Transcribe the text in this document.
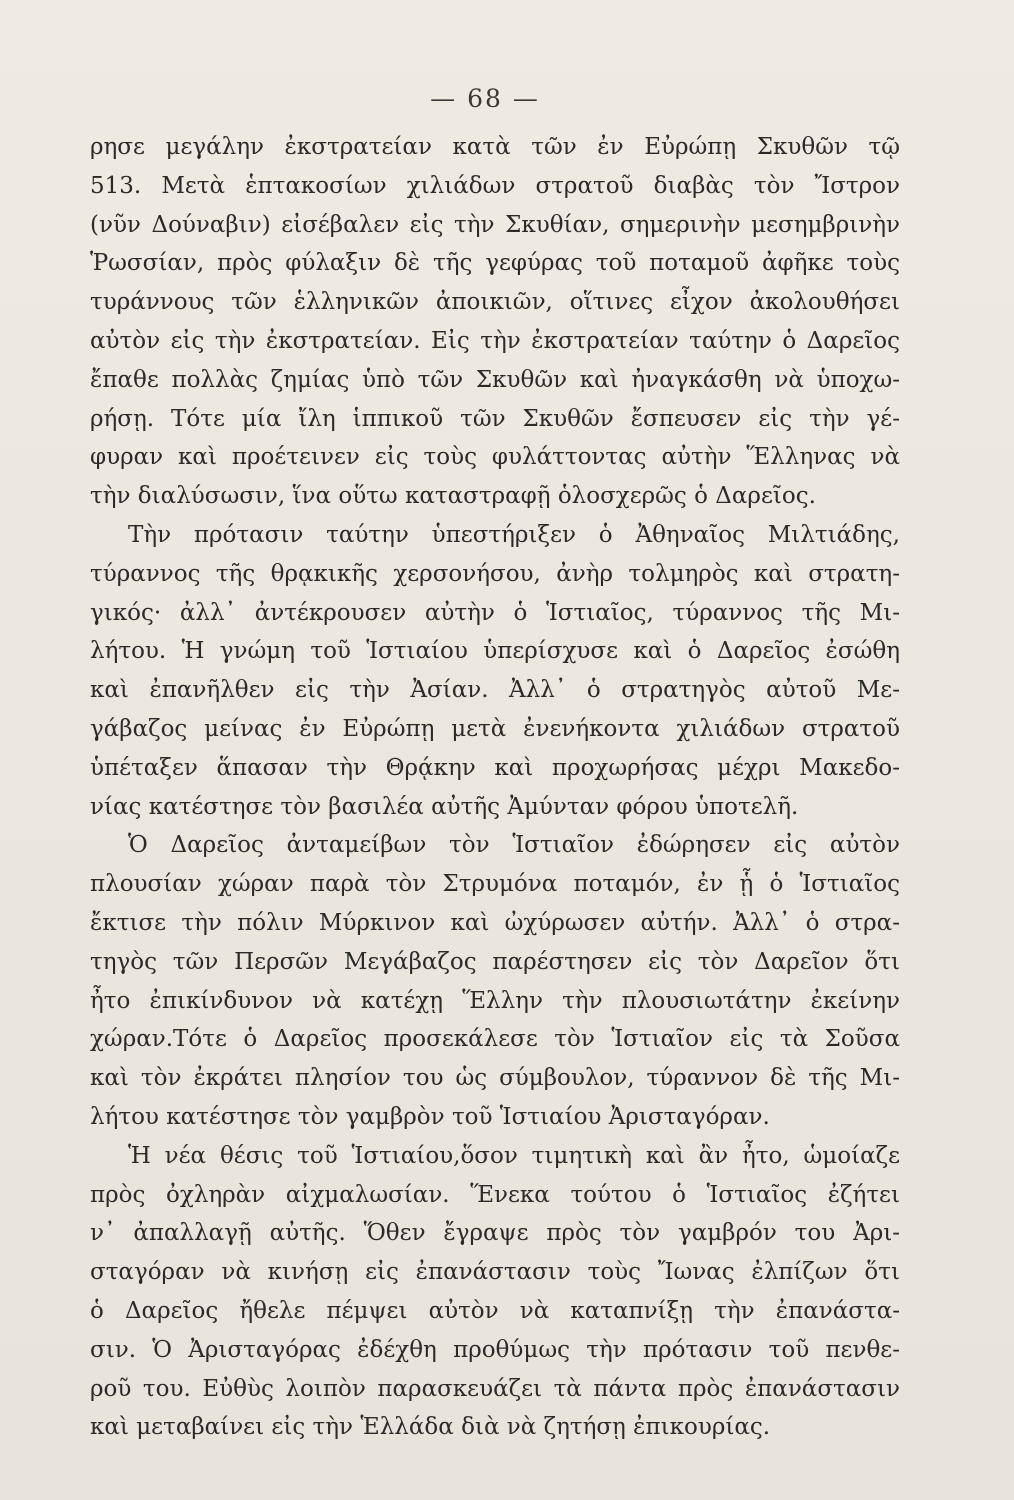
— 68 —
ρησε μεγάλην ἐκστρατείαν κατὰ τῶν ἐν Εὐρώπῃ Σκυθῶν τῷ
513. Μετὰ ἑπτακοσίων χιλιάδων στρατοῦ διαβὰς τὸν Ἴστρον
(νῦν Δούναβιν) εἰσέβαλεν εἰς τὴν Σκυθίαν, σημερινὴν μεσημβρινὴν
Ῥωσσίαν, πρὸς φύλαξιν δὲ τῆς γεφύρας τοῦ ποταμοῦ ἀφῆκε τοὺς
τυράννους τῶν ἑλληνικῶν ἀποικιῶν, οἵτινες εἶχον ἀκολουθήσει
αὐτὸν εἰς τὴν ἐκστρατείαν. Εἰς τὴν ἐκστρατείαν ταύτην ὁ Δαρεῖος
ἔπαθε πολλὰς ζημίας ὑπὸ τῶν Σκυθῶν καὶ ἠναγκάσθη νὰ ὑποχω-
ρήσῃ. Τότε μία ἴλη ἱππικοῦ τῶν Σκυθῶν ἔσπευσεν εἰς τὴν γέ-
φυραν καὶ προέτεινεν εἰς τοὺς φυλάττοντας αὐτὴν Ἕλληνας νὰ
τὴν διαλύσωσιν, ἵνα οὕτω καταστραφῇ ὁλοσχερῶς ὁ Δαρεῖος.
Τὴν πρότασιν ταύτην ὑπεστήριξεν ὁ Ἀθηναῖος Μιλτιάδης,
τύραννος τῆς θρᾳκικῆς χερσονήσου, ἀνὴρ τολμηρὸς καὶ στρατη-
γικός· ἀλλ᾽ ἀντέκρουσεν αὐτὴν ὁ Ἱστιαῖος, τύραννος τῆς Μι-
λήτου. Ἡ γνώμη τοῦ Ἱστιαίου ὑπερίσχυσε καὶ ὁ Δαρεῖος ἐσώθη
καὶ ἐπανῆλθεν εἰς τὴν Ἀσίαν. Ἀλλ᾽ ὁ στρατηγὸς αὐτοῦ Με-
γάβαζος μείνας ἐν Εὐρώπῃ μετὰ ἐνενήκοντα χιλιάδων στρατοῦ
ὑπέταξεν ἅπασαν τὴν Θρᾴκην καὶ προχωρήσας μέχρι Μακεδο-
νίας κατέστησε τὸν βασιλέα αὐτῆς Ἀμύνταν φόρου ὑποτελῆ.
Ὁ Δαρεῖος ἀνταμείβων τὸν Ἱστιαῖον ἐδώρησεν εἰς αὐτὸν
πλουσίαν χώραν παρὰ τὸν Στρυμόνα ποταμόν, ἐν ᾗ ὁ Ἱστιαῖος
ἔκτισε τὴν πόλιν Μύρκινον καὶ ὠχύρωσεν αὐτήν. Ἀλλ᾽ ὁ στρα-
τηγὸς τῶν Περσῶν Μεγάβαζος παρέστησεν εἰς τὸν Δαρεῖον ὅτι
ἦτο ἐπικίνδυνον νὰ κατέχῃ Ἕλλην τὴν πλουσιωτάτην ἐκείνην
χώραν.Τότε ὁ Δαρεῖος προσεκάλεσε τὸν Ἱστιαῖον εἰς τὰ Σοῦσα
καὶ τὸν ἐκράτει πλησίον του ὡς σύμβουλον, τύραννον δὲ τῆς Μι-
λήτου κατέστησε τὸν γαμβρὸν τοῦ Ἱστιαίου Ἀρισταγόραν.
Ἡ νέα θέσις τοῦ Ἱστιαίου,ὅσον τιμητικὴ καὶ ἂν ἦτο, ὡμοίαζε
πρὸς ὀχληρὰν αἰχμαλωσίαν. Ἕνεκα τούτου ὁ Ἱστιαῖος ἐζήτει
ν᾽ ἀπαλλαγῇ αὐτῆς. Ὅθεν ἔγραψε πρὸς τὸν γαμβρόν του Ἀρι-
σταγόραν νὰ κινήσῃ εἰς ἐπανάστασιν τοὺς Ἴωνας ἐλπίζων ὅτι
ὁ Δαρεῖος ἤθελε πέμψει αὐτὸν νὰ καταπνίξῃ τὴν ἐπανάστα-
σιν. Ὁ Ἀρισταγόρας ἐδέχθη προθύμως τὴν πρότασιν τοῦ πενθε-
ροῦ του. Εὐθὺς λοιπὸν παρασκευάζει τὰ πάντα πρὸς ἐπανάστασιν
καὶ μεταβαίνει εἰς τὴν Ἑλλάδα διὰ νὰ ζητήσῃ ἐπικουρίας.
